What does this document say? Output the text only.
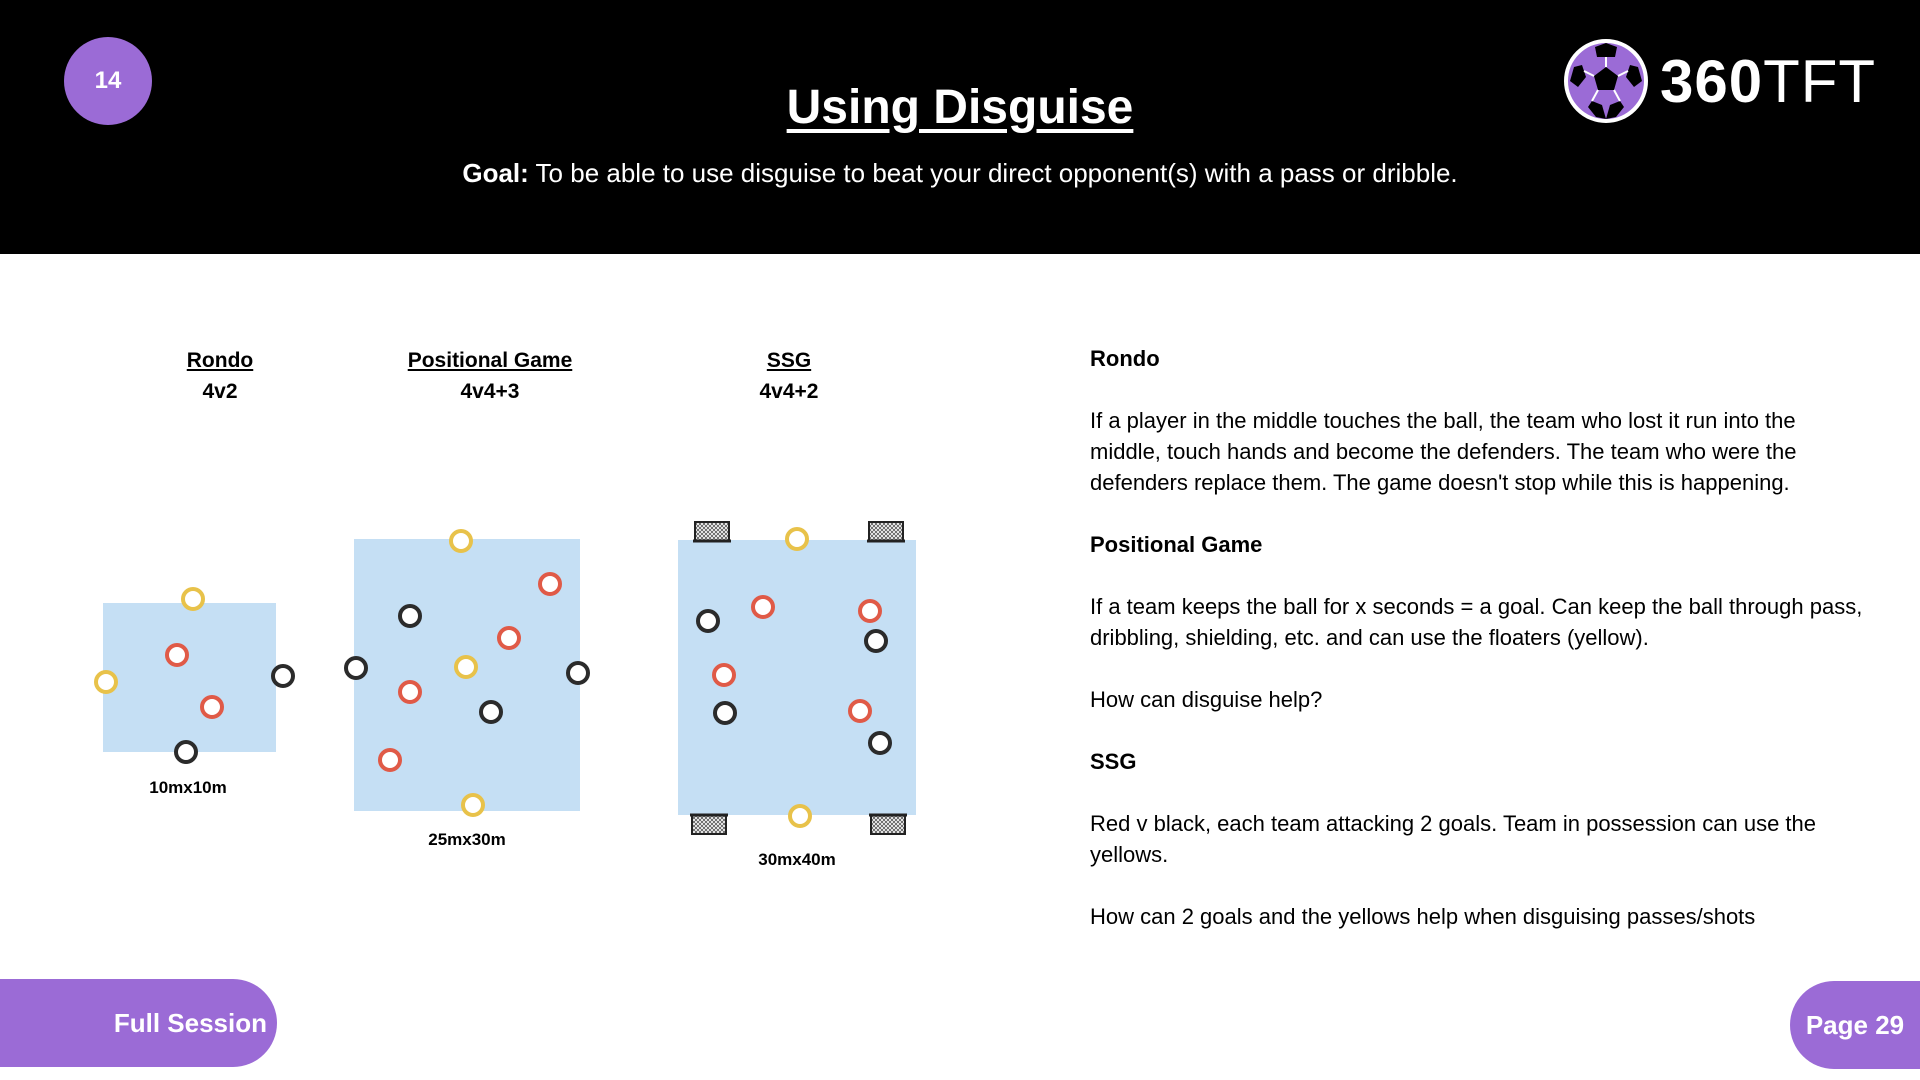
14
Using Disguise
Goal: To be able to use disguise to beat your direct opponent(s) with a pass or dribble.
360TFT
Rondo
4v2
Positional Game
4v4+3
SSG
4v4+2
10mx10m
25mx30m
30mx40m

Rondo

If a player in the middle touches the ball, the team who lost it run into the middle, touch hands and become the defenders. The team who were the defenders replace them. The game doesn't stop while this is happening.

Positional Game

If a team keeps the ball for x seconds = a goal. Can keep the ball through pass, dribbling, shielding, etc. and can use the floaters (yellow).

How can disguise help?

SSG

Red v black, each team attacking 2 goals. Team in possession can use the yellows.

How can 2 goals and the yellows help when disguising passes/shots

Full Session	Page 29
